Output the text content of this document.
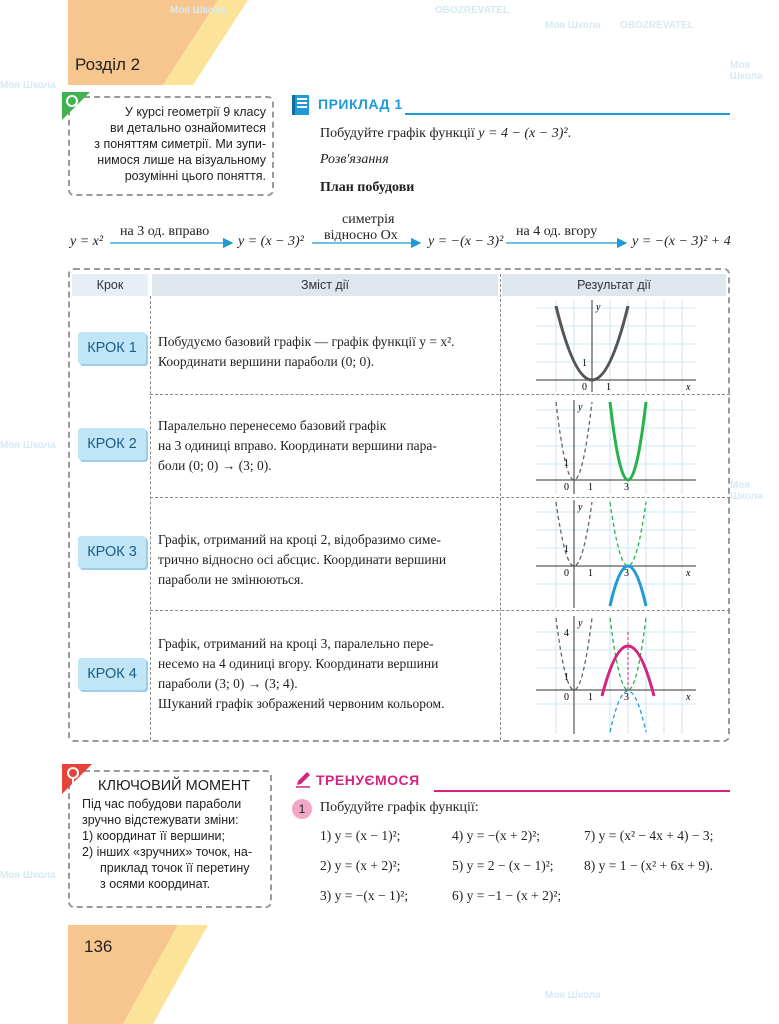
Розділ 2
136
Моя Школа	OBOZREVATEL
Моя Школа OBOZREVATEL
Моя Школа
Моя Школа
Моя Школа
Моя Школа
Моя Школа
Моя Школа
У курсі геометрії 9 класу
ви детально ознайомитеся
з поняттям симетрії. Ми зупи-
нимося лише на візуальному
розумінні цього поняття.
ПРИКЛАД 1
Побудуйте графік функції y = 4 − (x − 3)².
Розв'язання
План побудови
y = x²
на 3 од. вправо
y = (x − 3)²
симетрія
відносно Ox y = −(x − 3)²
на 4 од. вгору
y = −(x − 3)² + 4
Крок	Зміст дії	Результат дії
КРОК 1	Побудуємо базовий графік — графік функції y = x².
Координати вершини параболи (0; 0).
КРОК 2
Паралельно перенесемо базовий графік
на 3 одиниці вправо. Координати вершини пара-
боли (0; 0) → (3; 0).
КРОК 3
Графік, отриманий на кроці 2, відобразимо симе-
трично відносно осі абсцис. Координати вершини
параболи не змінюються.
КРОК 4
Графік, отриманий на кроці 3, паралельно пере-
несемо на 4 одиниці вгору. Координати вершини
параболи (3; 0) → (3; 4).
Шуканий графік зображений червоним кольором.
y
x
0 1
1
y
0 1	3
1
y
x
0 1	3
1
4
y
x
0 1	3
1
КЛЮЧОВИЙ МОМЕНТ
Під час побудови параболи
зручно відстежувати зміни:
1) координат її вершини;
2) інших «зручних» точок, на-
приклад точок її перетину
з осями координат.
ТРЕНУЄМОСЯ
1	Побудуйте графік функції:
1) y = (x − 1)²;	4) y = −(x + 2)²;	7) y = (x² − 4x + 4) − 3;
2) y = (x + 2)²;	5) y = 2 − (x − 1)²; 8) y = 1 − (x² + 6x + 9).
3) y = −(x − 1)²;	6) y = −1 − (x + 2)²;
